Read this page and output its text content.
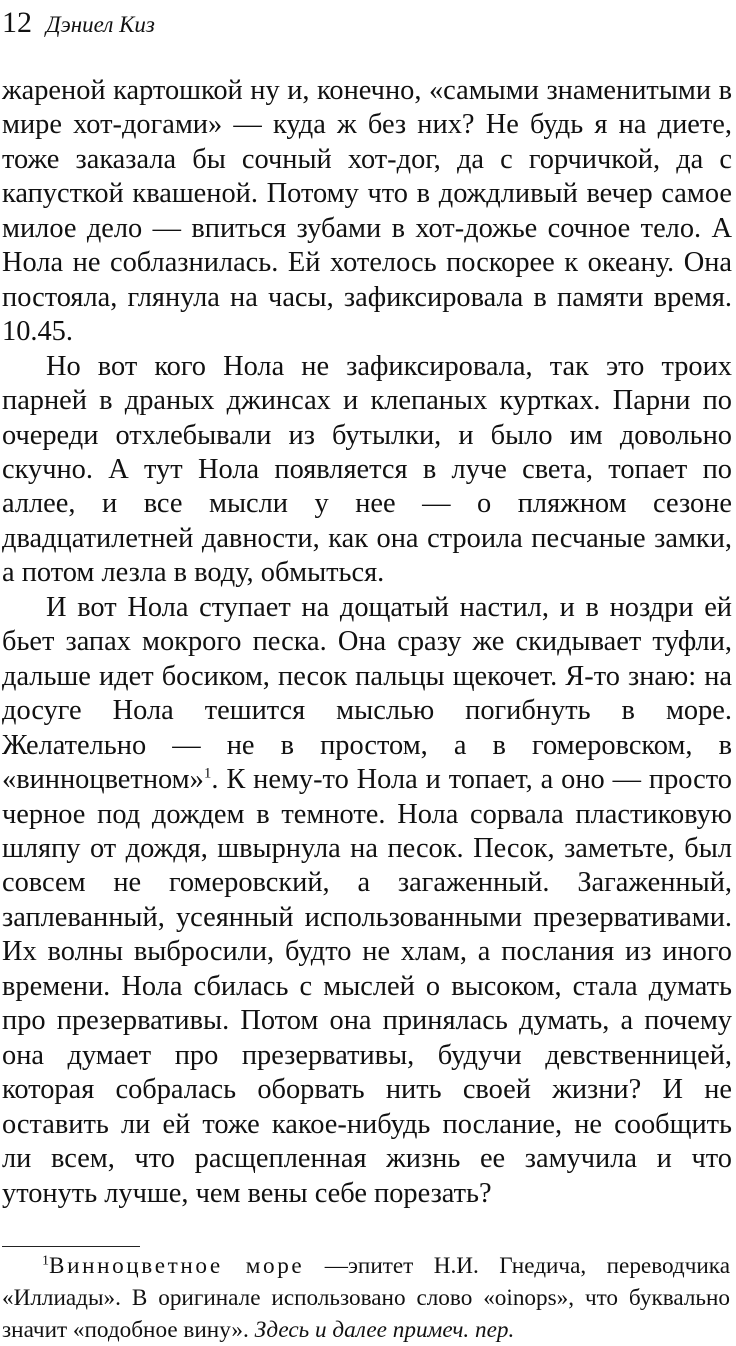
12 Дэниел Киз

жареной картошкой ну и, конечно, «самыми знаменитыми в мире хот-догами» — куда ж без них? Не будь я на диете, тоже заказала бы сочный хот-дог, да с горчичкой, да с капусткой квашеной. Потому что в дождливый вечер самое милое дело — впиться зубами в хот-дожье сочное тело. А Нола не соблазнилась. Ей хотелось поскорее к океану. Она постояла, глянула на часы, зафиксировала в памяти время. 10.45.

Но вот кого Нола не зафиксировала, так это троих парней в драных джинсах и клепаных куртках. Парни по очереди отхлебывали из бутылки, и было им довольно скучно. А тут Нола появляется в луче света, топает по аллее, и все мысли у нее — о пляжном сезоне двадцатилетней давности, как она строила песчаные замки, а потом лезла в воду, обмыться.

И вот Нола ступает на дощатый настил, и в ноздри ей бьет запах мокрого песка. Она сразу же скидывает туфли, дальше идет босиком, песок пальцы щекочет. Я-то знаю: на досуге Нола тешится мыслью погибнуть в море. Желательно — не в простом, а в гомеровском, в «винноцветном»$^1$. К нему-то Нола и топает, а оно — просто черное под дождем в темноте. Нола сорвала пластиковую шляпу от дождя, швырнула на песок. Песок, заметьте, был совсем не гомеровский, а загаженный. Загаженный, заплеванный, усеянный использованными презервативами. Их волны выбросили, будто не хлам, а послания из иного времени. Нола сбилась с мыслей о высоком, стала думать про презервативы. Потом она принялась думать, а почему она думает про презервативы, будучи девственницей, которая собралась оборвать нить своей жизни? И не оставить ли ей тоже какое-нибудь послание, не сообщить ли всем, что расщепленная жизнь ее замучила и что утонуть лучше, чем вены себе порезать?

$^1$Винноцветное море —эпитет Н.И. Гнедича, переводчика «Иллиады». В оригинале использовано слово «oinops», что буквально значит «подобное вину». Здесь и далее примеч. пер.
